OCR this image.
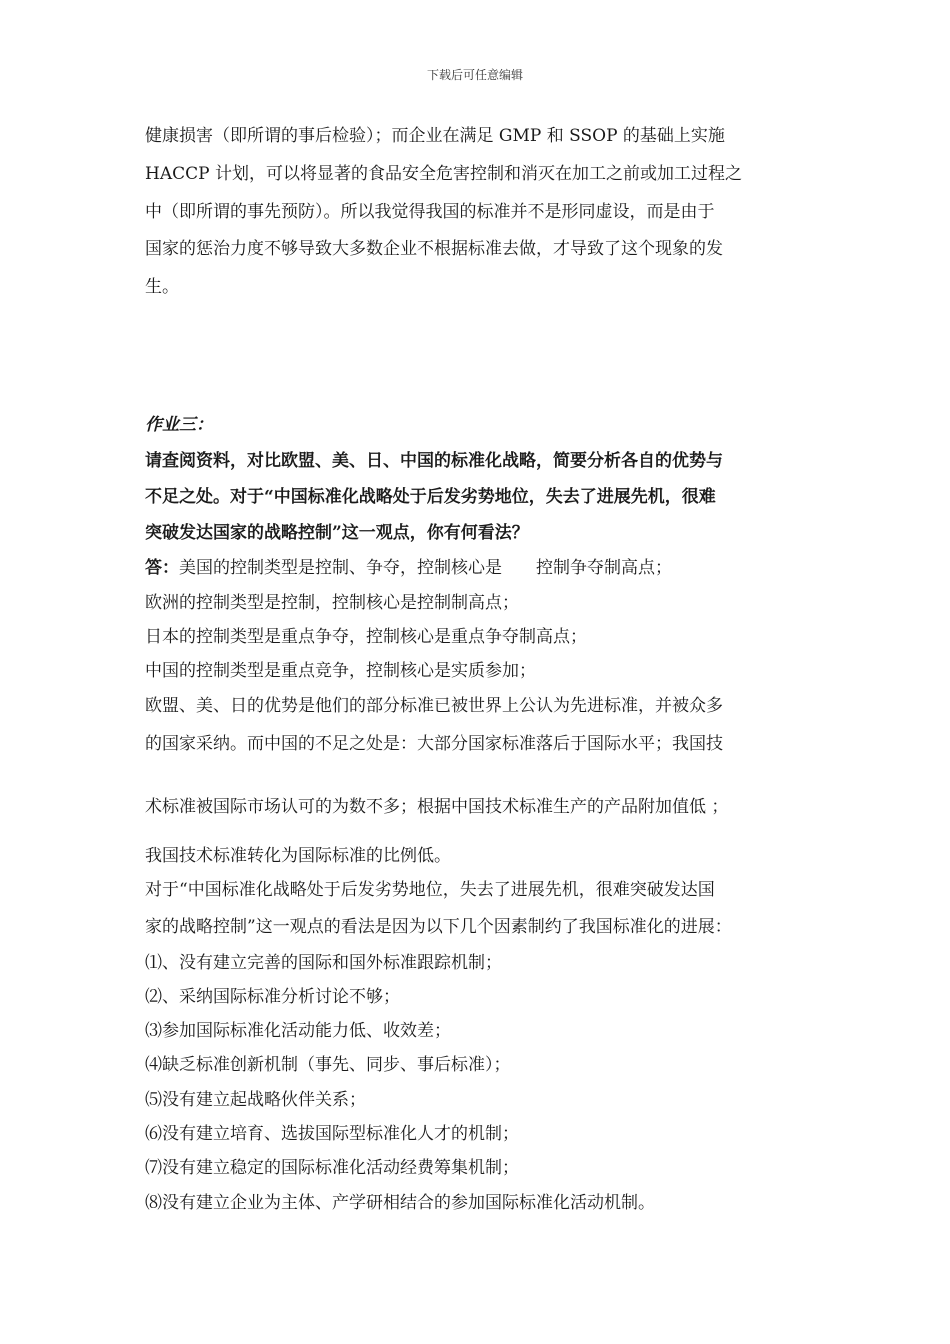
下载后可任意编辑
健康损害（即所谓的事后检验）；而企业在满足 GMP 和 SSOP 的基础上实施
HACCP 计划，可以将显著的食品安全危害控制和消灭在加工之前或加工过程之
中（即所谓的事先预防）。所以我觉得我国的标准并不是形同虚设，而是由于
国家的惩治力度不够导致大多数企业不根据标准去做，才导致了这个现象的发
生。
作业三：
请查阅资料，对比欧盟、美、日、中国的标准化战略，简要分析各自的优势与
不足之处。对于“中国标准化战略处于后发劣势地位，失去了进展先机，很难
突破发达国家的战略控制”这一观点，你有何看法？
答：美国的控制类型是控制、争夺，控制核心是　　控制争夺制高点；
欧洲的控制类型是控制，控制核心是控制制高点；
日本的控制类型是重点争夺，控制核心是重点争夺制高点；
中国的控制类型是重点竞争，控制核心是实质参加；
欧盟、美、日的优势是他们的部分标准已被世界上公认为先进标准，并被众多
的国家采纳。而中国的不足之处是：大部分国家标准落后于国际水平；我国技
术标准被国际市场认可的为数不多；根据中国技术标准生产的产品附加值低 ；
我国技术标准转化为国际标准的比例低。
对于“中国标准化战略处于后发劣势地位，失去了进展先机，很难突破发达国
家的战略控制”这一观点的看法是因为以下几个因素制约了我国标准化的进展：
⑴、没有建立完善的国际和国外标准跟踪机制；
⑵、采纳国际标准分析讨论不够；
⑶参加国际标准化活动能力低、收效差；
⑷缺乏标准创新机制（事先、同步、事后标准）；
⑸没有建立起战略伙伴关系；
⑹没有建立培育、选拔国际型标准化人才的机制；
⑺没有建立稳定的国际标准化活动经费筹集机制；
⑻没有建立企业为主体、产学研相结合的参加国际标准化活动机制。
